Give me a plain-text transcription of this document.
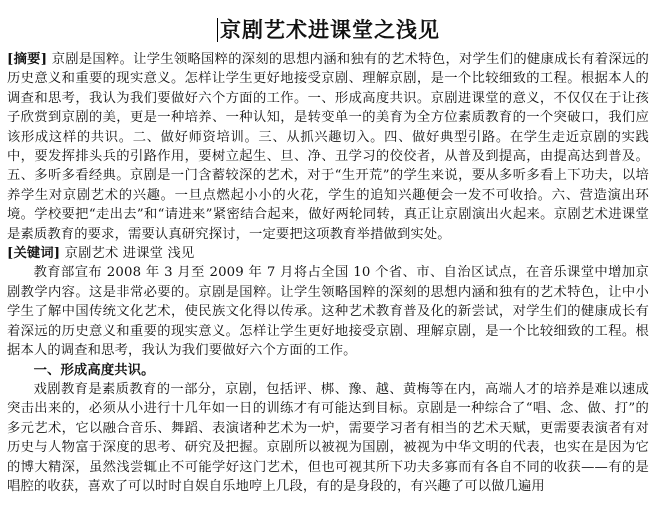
京剧艺术进课堂之浅见

[摘要] 京剧是国粹。让学生领略国粹的深刻的思想内涵和独有的艺术特色，对学生们的健康成长有着深远的历史意义和重要的现实意义。怎样让学生更好地接受京剧、理解京剧，是一个比较细致的工程。根据本人的调查和思考，我认为我们要做好六个方面的工作。一、形成高度共识。京剧进课堂的意义，不仅仅在于让孩子欣赏到京剧的美，更是一种培养、一种认知，是转变单一的美育为全方位素质教育的一个突破口，我们应该形成这样的共识。二、做好师资培训。三、从抓兴趣切入。四、做好典型引路。在学生走近京剧的实践中，要发挥排头兵的引路作用，要树立起生、旦、净、丑学习的佼佼者，从普及到提高，由提高达到普及。五、多听多看经典。京剧是一门含蓄较深的艺术，对于“生开荒”的学生来说，要从多听多看上下功夫，以培养学生对京剧艺术的兴趣。一旦点燃起小小的火花，学生的追知兴趣便会一发不可收拾。六、营造演出环境。学校要把“走出去”和“请进来”紧密结合起来，做好两轮同转，真正让京剧演出火起来。京剧艺术进课堂是素质教育的要求，需要认真研究探讨，一定要把这项教育举措做到实处。

[关键词] 京剧艺术 进课堂 浅见

教育部宣布 2008 年 3 月至 2009 年 7 月将占全国 10 个省、市、自治区试点，在音乐课堂中增加京剧教学内容。这是非常必要的。京剧是国粹。让学生领略国粹的深刻的思想内涵和独有的艺术特色，让中小学生了解中国传统文化艺术，使民族文化得以传承。这种艺术教育普及化的新尝试，对学生们的健康成长有着深远的历史意义和重要的现实意义。怎样让学生更好地接受京剧、理解京剧，是一个比较细致的工程。根据本人的调查和思考，我认为我们要做好六个方面的工作。

一、形成高度共识。

戏剧教育是素质教育的一部分，京剧，包括评、梆、豫、越、黄梅等在内，高端人才的培养是难以速成突击出来的，必须从小进行十几年如一日的训练才有可能达到目标。京剧是一种综合了“唱、念、做、打”的多元艺术，它以融合音乐、舞蹈、表演诸种艺术为一炉，需要学习者有相当的艺术天赋，更需要表演者有对历史与人物富于深度的思考、研究及把握。京剧所以被视为国剧，被视为中华文明的代表，也实在是因为它的博大精深，虽然浅尝辄止不可能学好这门艺术，但也可视其所下功夫多寡而有各自不同的收获——有的是唱腔的收获，喜欢了可以时时自娱自乐地哼上几段，有的是身段的，有兴趣了可以做几遍用
